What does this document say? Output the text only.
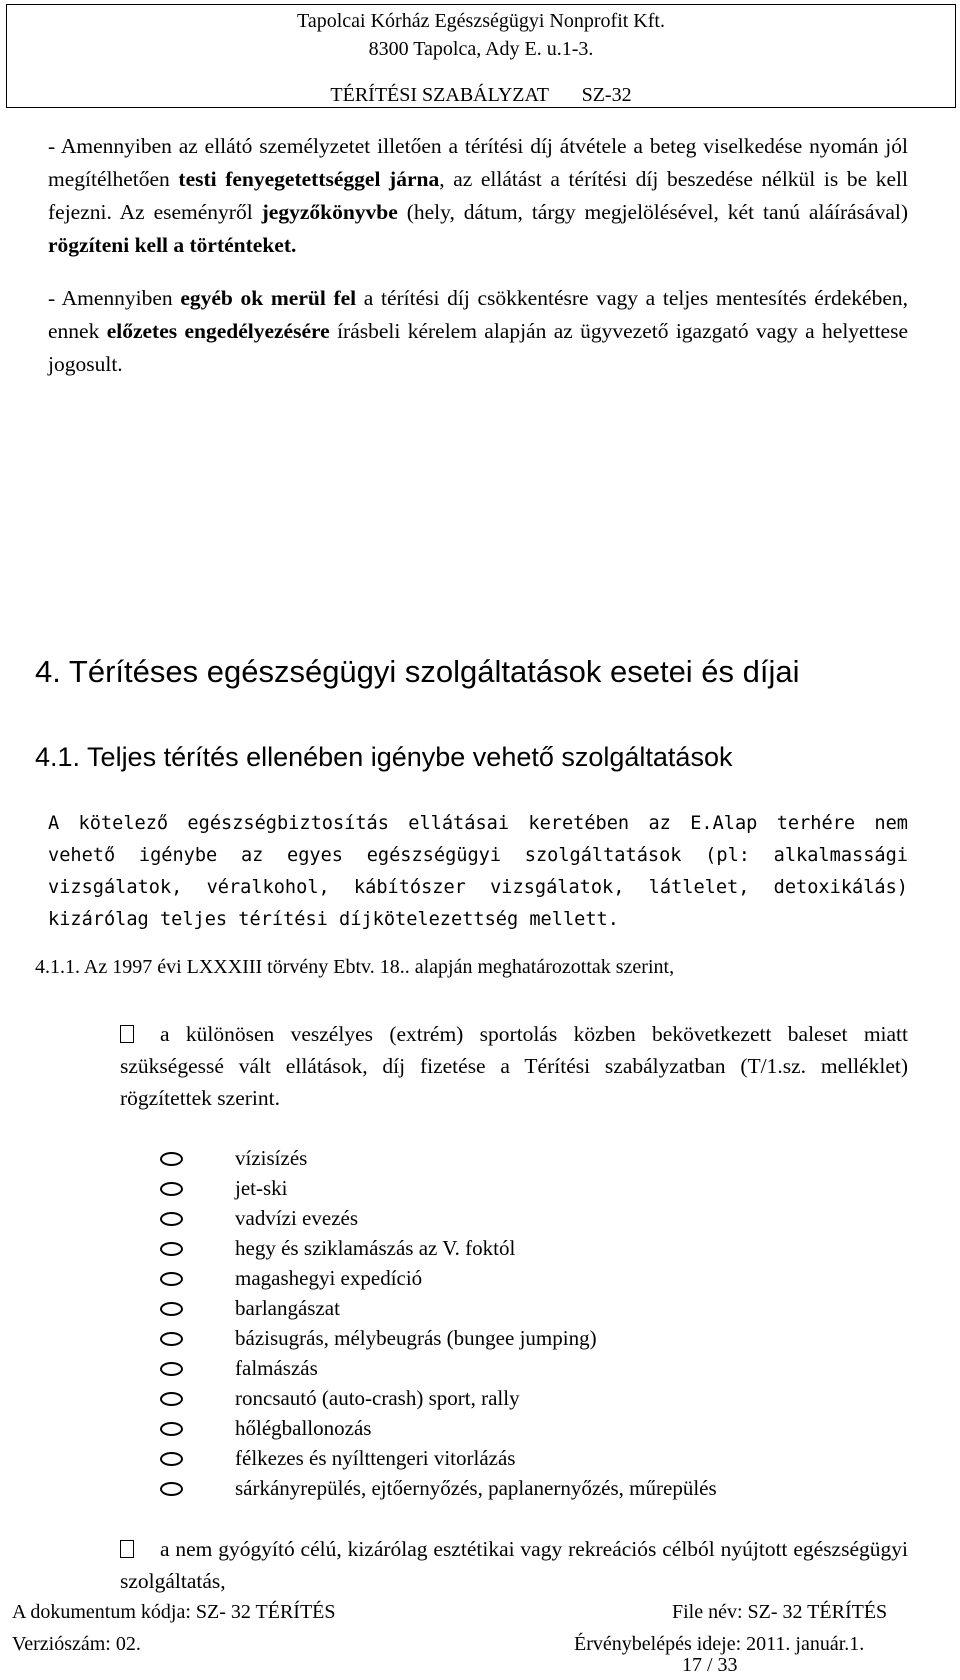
Tapolcai Kórház Egészségügyi Nonprofit Kft.
8300 Tapolca, Ady E. u.1-3.
TÉRÍTÉSI SZABÁLYZAT SZ-32
- Amennyiben az ellátó személyzetet illetően a térítési díj átvétele a beteg viselkedése nyomán jól megítélhetően testi fenyegetettséggel járna, az ellátást a térítési díj beszedése nélkül is be kell fejezni. Az eseményről jegyzőkönyvbe (hely, dátum, tárgy megjelölésével, két tanú aláírásával) rögzíteni kell a történteket.
- Amennyiben egyéb ok merül fel a térítési díj csökkentésre vagy a teljes mentesítés érdekében, ennek előzetes engedélyezésére írásbeli kérelem alapján az ügyvezető igazgató vagy a helyettese jogosult.
4. Térítéses egészségügyi szolgáltatások esetei és díjai
4.1. Teljes térítés ellenében igénybe vehető szolgáltatások
A kötelező egészségbiztosítás ellátásai keretében az E.Alap terhére nem vehető igénybe az egyes egészségügyi szolgáltatások (pl: alkalmassági vizsgálatok, véralkohol, kábítószer vizsgálatok, látlelet, detoxikálás) kizárólag teljes térítési díjkötelezettség mellett.
4.1.1. Az 1997 évi LXXXIII törvény Ebtv. 18.. alapján meghatározottak szerint,
a különösen veszélyes (extrém) sportolás közben bekövetkezett baleset miatt szükségessé vált ellátások, díj fizetése a Térítési szabályzatban (T/1.sz. melléklet) rögzítettek szerint.
vízisízés
jet-ski
vadvízi evezés
hegy és sziklamászás az V. foktól
magashegyi expedíció
barlangászat
bázisugrás, mélybeugrás (bungee jumping)
falmászás
roncsautó (auto-crash) sport, rally
hőlégballonozás
félkezes és nyílttengeri vitorlázás
sárkányrepülés, ejtőernyőzés, paplanernyőzés, műrepülés
a nem gyógyító célú, kizárólag esztétikai vagy rekreációs célból nyújtott egészségügyi szolgáltatás,
A dokumentum kódja: SZ- 32 TÉRÍTÉS	File név: SZ- 32 TÉRÍTÉS
Verziószám: 02.	Érvénybelépés ideje: 2011. január.1.
17 / 33
